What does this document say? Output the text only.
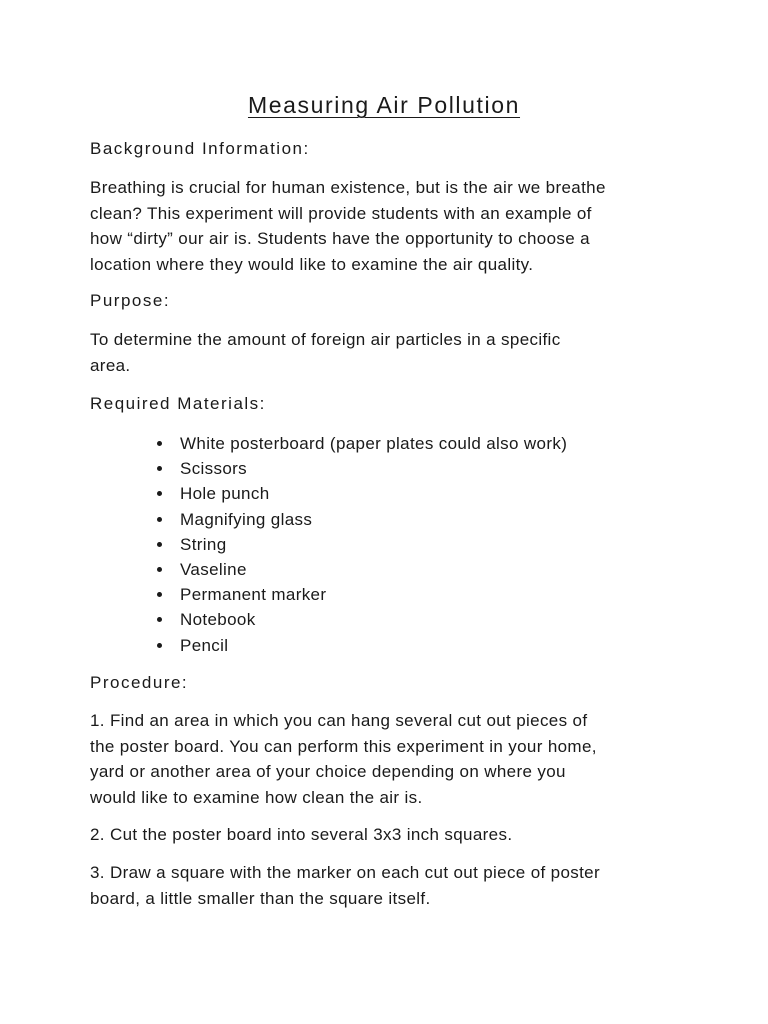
Measuring Air Pollution
Background Information:

Breathing is crucial for human existence, but is the air we breathe
clean? This experiment will provide students with an example of
how “dirty” our air is. Students have the opportunity to choose a
location where they would like to examine the air quality.

Purpose:

To determine the amount of foreign air particles in a specific
area.

Required Materials:
White posterboard (paper plates could also work)
Scissors
Hole punch
Magnifying glass
String
Vaseline
Permanent marker
Notebook
Pencil
Procedure:

1. Find an area in which you can hang several cut out pieces of
the poster board. You can perform this experiment in your home,
yard or another area of your choice depending on where you
would like to examine how clean the air is.

2. Cut the poster board into several 3x3 inch squares.

3. Draw a square with the marker on each cut out piece of poster
board, a little smaller than the square itself.
